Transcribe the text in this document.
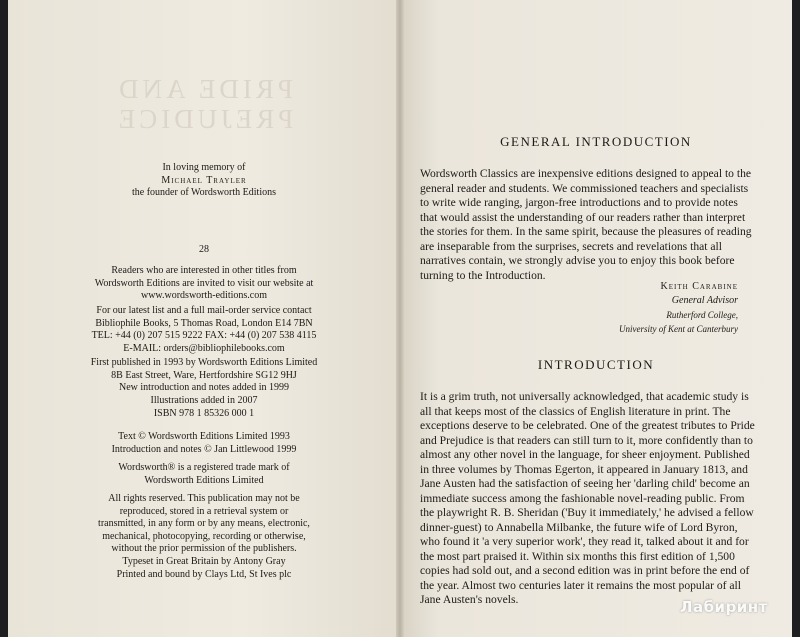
PRIDE AND
PREJUDICE
In loving memory of
Michael Trayler
the founder of Wordsworth Editions
28
Readers who are interested in other titles from
Wordsworth Editions are invited to visit our website at
www.wordsworth-editions.com
For our latest list and a full mail-order service contact
Bibliophile Books, 5 Thomas Road, London E14 7BN
TEL: +44 (0) 207 515 9222 FAX: +44 (0) 207 538 4115
E-MAIL: orders@bibliophilebooks.com
First published in 1993 by Wordsworth Editions Limited
8B East Street, Ware, Hertfordshire SG12 9HJ
New introduction and notes added in 1999
Illustrations added in 2007
ISBN 978 1 85326 000 1
Text © Wordsworth Editions Limited 1993
Introduction and notes © Jan Littlewood 1999
Wordsworth® is a registered trade mark of
Wordsworth Editions Limited
All rights reserved. This publication may not be
reproduced, stored in a retrieval system or
transmitted, in any form or by any means, electronic,
mechanical, photocopying, recording or otherwise,
without the prior permission of the publishers.
Typeset in Great Britain by Antony Gray
Printed and bound by Clays Ltd, St Ives plc
GENERAL INTRODUCTION

Wordsworth Classics are inexpensive editions designed to appeal to the

general reader and students. We commissioned teachers and specialists

to write wide ranging, jargon-free introductions and to provide notes

that would assist the understanding of our readers rather than interpret

the stories for them. In the same spirit, because the pleasures of reading

are inseparable from the surprises, secrets and revelations that all

narratives contain, we strongly advise you to enjoy this book before

turning to the Introduction.

Keith Carabine
General Advisor
Rutherford College,
University of Kent at Canterbury
INTRODUCTION

It is a grim truth, not universally acknowledged, that academic study is

all that keeps most of the classics of English literature in print. The

exceptions deserve to be celebrated. One of the greatest tributes to Pride

and Prejudice is that readers can still turn to it, more confidently than to

almost any other novel in the language, for sheer enjoyment. Published

in three volumes by Thomas Egerton, it appeared in January 1813, and

Jane Austen had the satisfaction of seeing her 'darling child' become an

immediate success among the fashionable novel-reading public. From

the playwright R. B. Sheridan ('Buy it immediately,' he advised a fellow

dinner-guest) to Annabella Milbanke, the future wife of Lord Byron,

who found it 'a very superior work', they read it, talked about it and for

the most part praised it. Within six months this first edition of 1,500

copies had sold out, and a second edition was in print before the end of

the year. Almost two centuries later it remains the most popular of all

Jane Austen's novels.	Лабиринт
